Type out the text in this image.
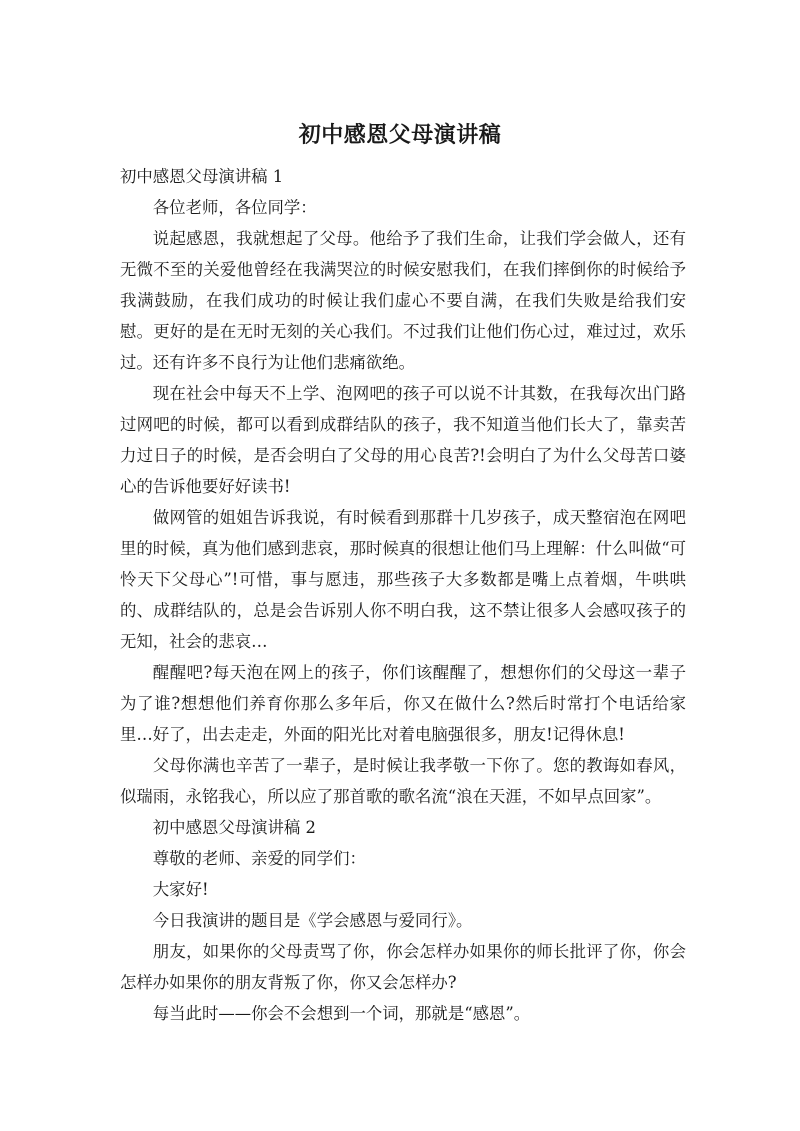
初中感恩父母演讲稿

初中感恩父母演讲稿 1

各位老师，各位同学：

说起感恩，我就想起了父母。他给予了我们生命，让我们学会做人，还有无微不至的关爱他曾经在我满哭泣的时候安慰我们，在我们摔倒你的时候给予我满鼓励，在我们成功的时候让我们虚心不要自满，在我们失败是给我们安慰。更好的是在无时无刻的关心我们。不过我们让他们伤心过，难过过，欢乐过。还有许多不良行为让他们悲痛欲绝。

现在社会中每天不上学、泡网吧的孩子可以说不计其数，在我每次出门路过网吧的时候，都可以看到成群结队的孩子，我不知道当他们长大了，靠卖苦力过日子的时候，是否会明白了父母的用心良苦?!会明白了为什么父母苦口婆心的告诉他要好好读书!

做网管的姐姐告诉我说，有时候看到那群十几岁孩子，成天整宿泡在网吧里的时候，真为他们感到悲哀，那时候真的很想让他们马上理解：什么叫做“可怜天下父母心”!可惜，事与愿违，那些孩子大多数都是嘴上点着烟，牛哄哄的、成群结队的，总是会告诉别人你不明白我，这不禁让很多人会感叹孩子的无知，社会的悲哀…

醒醒吧?每天泡在网上的孩子，你们该醒醒了，想想你们的父母这一辈子为了谁?想想他们养育你那么多年后，你又在做什么?然后时常打个电话给家里…好了，出去走走，外面的阳光比对着电脑强很多，朋友!记得休息!

父母你满也辛苦了一辈子，是时候让我孝敬一下你了。您的教诲如春风，似瑞雨，永铭我心，所以应了那首歌的歌名流“浪在天涯，不如早点回家”。

初中感恩父母演讲稿 2

尊敬的老师、亲爱的同学们：

大家好!

今日我演讲的题目是《学会感恩与爱同行》。

朋友，如果你的父母责骂了你，你会怎样办如果你的师长批评了你，你会怎样办如果你的朋友背叛了你，你又会怎样办?

每当此时——你会不会想到一个词，那就是“感恩”。
